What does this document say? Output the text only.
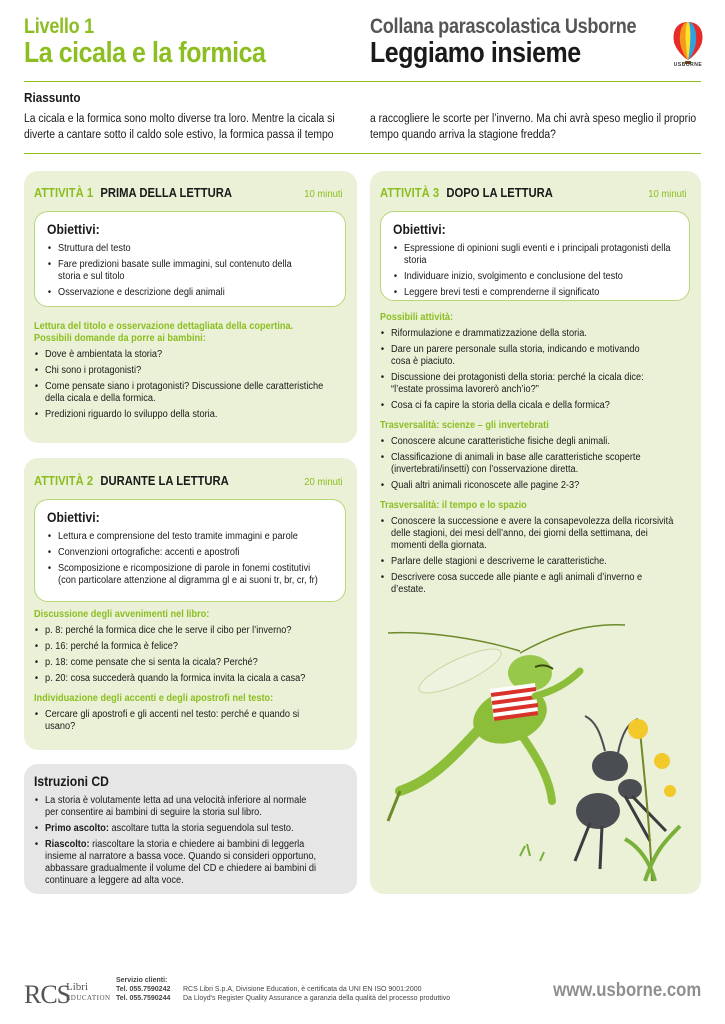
Livello 1
La cicala e la formica
Collana parascolastica Usborne
Leggiamo insieme	USBORNE
Riassunto
La cicala e la formica sono molto diverse tra loro. Mentre la cicala si
diverte a cantare sotto il caldo sole estivo, la formica passa il tempo
a raccogliere le scorte per l’inverno. Ma chi avrà speso meglio il proprio
tempo quando arriva la stagione fredda?
ATTIVITÀ 1 PRIMA DELLA LETTURA	10 minuti
Obiettivi:
• Struttura del testo
• Fare predizioni basate sulle immagini, sul contenuto della storia e sul titolo
• Osservazione e descrizione degli animali
Lettura del titolo e osservazione dettagliata della copertina. Possibili domande da porre ai bambini:
• Dove è ambientata la storia?
• Chi sono i protagonisti?
• Come pensate siano i protagonisti? Discussione delle caratteristiche della cicala e della formica.
• Predizioni riguardo lo sviluppo della storia.
ATTIVITÀ 2 DURANTE LA LETTURA	20 minuti
Obiettivi:
• Lettura e comprensione del testo tramite immagini e parole
• Convenzioni ortografiche: accenti e apostrofi
• Scomposizione e ricomposizione di parole in fonemi costitutivi (con particolare attenzione al digramma gl e ai suoni tr, br, cr, fr)
Discussione degli avvenimenti nel libro:
• p. 8: perché la formica dice che le serve il cibo per l’inverno?
• p. 16: perché la formica è felice?
• p. 18: come pensate che si senta la cicala? Perché?
• p. 20: cosa succederà quando la formica invita la cicala a casa?
Individuazione degli accenti e degli apostrofi nel testo:
• Cercare gli apostrofi e gli accenti nel testo: perché e quando si usano?
Istruzioni CD
• La storia è volutamente letta ad una velocità inferiore al normale per consentire ai bambini di seguire la storia sul libro.
• Primo ascolto: ascoltare tutta la storia seguendola sul testo.
• Riascolto: riascoltare la storia e chiedere ai bambini di leggerla insieme al narratore a bassa voce. Quando si consideri opportuno, abbassare gradualmente il volume del CD e chiedere ai bambini di continuare a leggere ad alta voce.
ATTIVITÀ 3 DOPO LA LETTURA	10 minuti
Obiettivi:
• Espressione di opinioni sugli eventi e i principali protagonisti della storia
• Individuare inizio, svolgimento e conclusione del testo
• Leggere brevi testi e comprenderne il significato
Possibili attività:
• Riformulazione e drammatizzazione della storia.
• Dare un parere personale sulla storia, indicando e motivando cosa è piaciuto.
• Discussione dei protagonisti della storia: perché la cicala dice: “l’estate prossima lavorerò anch’io?”
• Cosa ci fa capire la storia della cicala e della formica?
Trasversalità: scienze – gli invertebrati
• Conoscere alcune caratteristiche fisiche degli animali.
• Classificazione di animali in base alle caratteristiche scoperte (invertebrati/insetti) con l’osservazione diretta.
• Quali altri animali riconoscete alle pagine 2-3?
Trasversalità: il tempo e lo spazio
• Conoscere la successione e avere la consapevolezza della ricorsività delle stagioni, dei mesi dell’anno, dei giorni della settimana, dei momenti della giornata.
• Parlare delle stagioni e descriverne le caratteristiche.
• Descrivere cosa succede alle piante e agli animali d’inverno e d’estate.
RCS
Libri
EDUCATION
Servizio clienti:
Tel. 055.7590242
Tel. 055.7590244
RCS Libri S.p.A, Divisione Education, è certificata da UNI EN ISO 9001:2000
Da Lloyd’s Register Quality Assurance a garanzia della qualità del processo produttivo	www.usborne.com
